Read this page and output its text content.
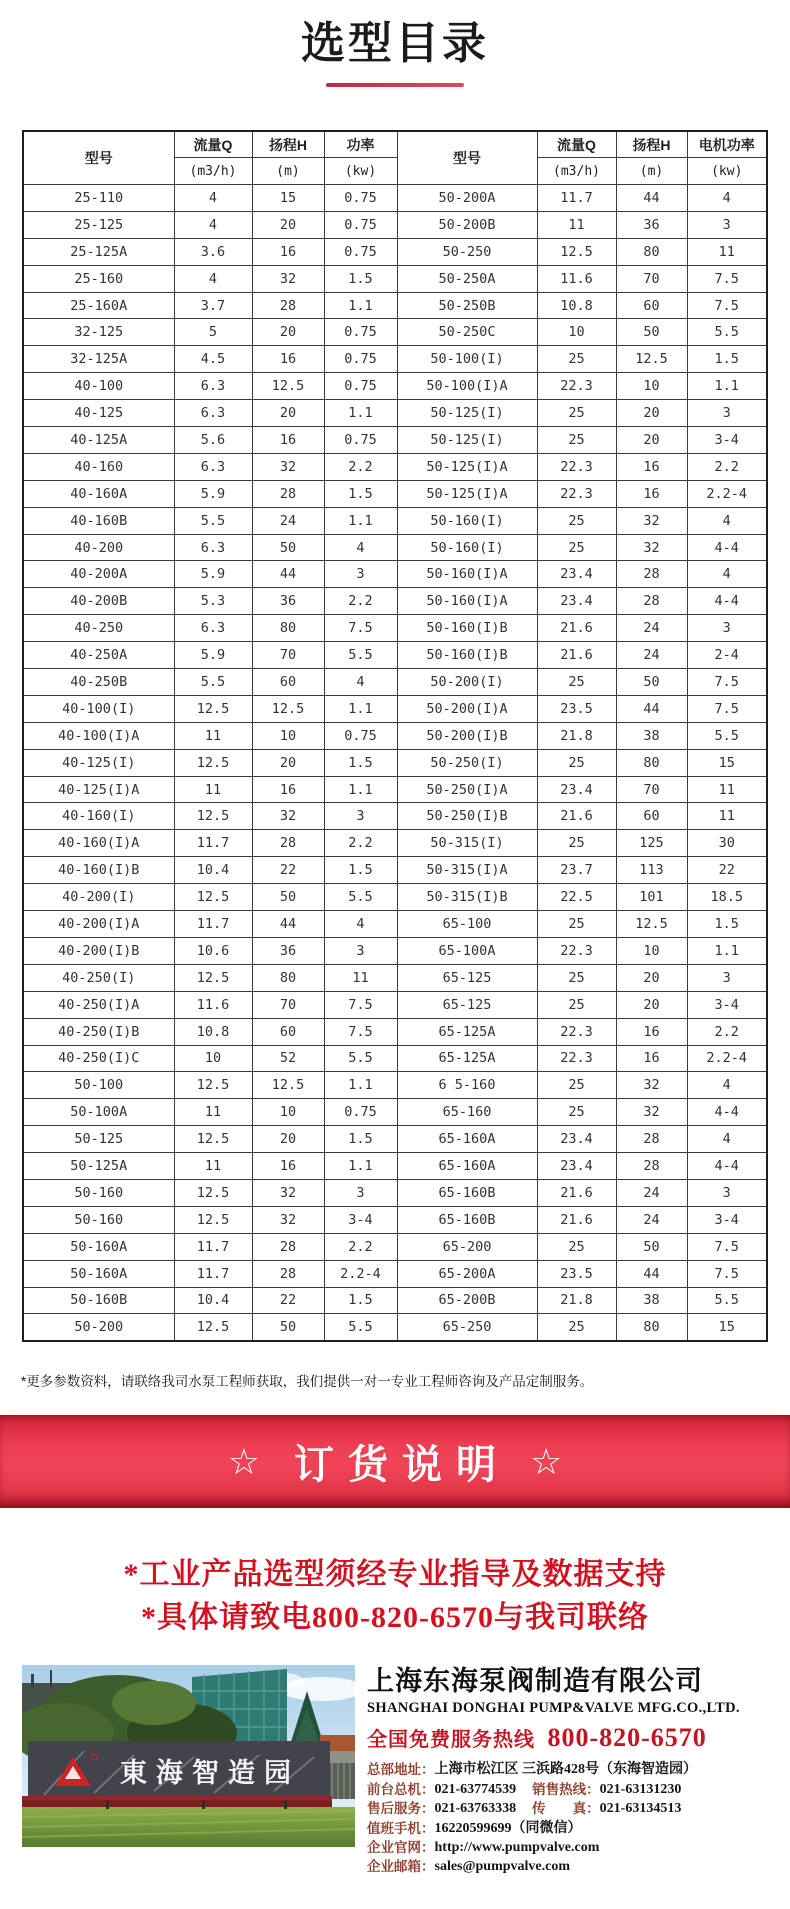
选型目录
型号	流量Q	扬程H	功率	型号	流量Q	扬程H	电机功率
	(m3/h)	(m)	(kw)		(m3/h)	(m)	(kw)
25-110	4	15	0.75	50-200A	11.7	44	4
25-125	4	20	0.75	50-200B	11	36	3
25-125A	3.6	16	0.75	50-250	12.5	80	11
25-160	4	32	1.5	50-250A	11.6	70	7.5
25-160A	3.7	28	1.1	50-250B	10.8	60	7.5
32-125	5	20	0.75	50-250C	10	50	5.5
32-125A	4.5	16	0.75	50-100(I)	25	12.5	1.5
40-100	6.3	12.5	0.75	50-100(I)A	22.3	10	1.1
40-125	6.3	20	1.1	50-125(I)	25	20	3
40-125A	5.6	16	0.75	50-125(I)	25	20	3-4
40-160	6.3	32	2.2	50-125(I)A	22.3	16	2.2
40-160A	5.9	28	1.5	50-125(I)A	22.3	16	2.2-4
40-160B	5.5	24	1.1	50-160(I)	25	32	4
40-200	6.3	50	4	50-160(I)	25	32	4-4
40-200A	5.9	44	3	50-160(I)A	23.4	28	4
40-200B	5.3	36	2.2	50-160(I)A	23.4	28	4-4
40-250	6.3	80	7.5	50-160(I)B	21.6	24	3
40-250A	5.9	70	5.5	50-160(I)B	21.6	24	2-4
40-250B	5.5	60	4	50-200(I)	25	50	7.5
40-100(I)	12.5	12.5	1.1	50-200(I)A	23.5	44	7.5
40-100(I)A	11	10	0.75	50-200(I)B	21.8	38	5.5
40-125(I)	12.5	20	1.5	50-250(I)	25	80	15
40-125(I)A	11	16	1.1	50-250(I)A	23.4	70	11
40-160(I)	12.5	32	3	50-250(I)B	21.6	60	11
40-160(I)A	11.7	28	2.2	50-315(I)	25	125	30
40-160(I)B	10.4	22	1.5	50-315(I)A	23.7	113	22
40-200(I)	12.5	50	5.5	50-315(I)B	22.5	101	18.5
40-200(I)A	11.7	44	4	65-100	25	12.5	1.5
40-200(I)B	10.6	36	3	65-100A	22.3	10	1.1
40-250(I)	12.5	80	11	65-125	25	20	3
40-250(I)A	11.6	70	7.5	65-125	25	20	3-4
40-250(I)B	10.8	60	7.5	65-125A	22.3	16	2.2
40-250(I)C	10	52	5.5	65-125A	22.3	16	2.2-4
50-100	12.5	12.5	1.1	6 5-160	25	32	4
50-100A	11	10	0.75	65-160	25	32	4-4
50-125	12.5	20	1.5	65-160A	23.4	28	4
50-125A	11	16	1.1	65-160A	23.4	28	4-4
50-160	12.5	32	3	65-160B	21.6	24	3
50-160	12.5	32	3-4	65-160B	21.6	24	3-4
50-160A	11.7	28	2.2	65-200	25	50	7.5
50-160A	11.7	28	2.2-4	65-200A	23.5	44	7.5
50-160B	10.4	22	1.5	65-200B	21.8	38	5.5
50-200	12.5	50	5.5	65-250	25	80	15
*更多参数资料，请联络我司水泵工程师获取，我们提供一对一专业工程师咨询及产品定制服务。
☆ 订货说明 ☆
*工业产品选型须经专业指导及数据支持
*具体请致电800-820-6570与我司联络
東海智造园
上海东海泵阀制造有限公司
SHANGHAI DONGHAI PUMP&VALVE MFG.CO.,LTD.
全国免费服务热线 800-820-6570
总部地址： 上海市松江区 三浜路428号（东海智造园）
前台总机： 021-63774539 销售热线： 021-63131230
售后服务： 021-63763338 传　　真： 021-63134513
值班手机： 16220599699（同微信）
企业官网： http://www.pumpvalve.com
企业邮箱： sales@pumpvalve.com
